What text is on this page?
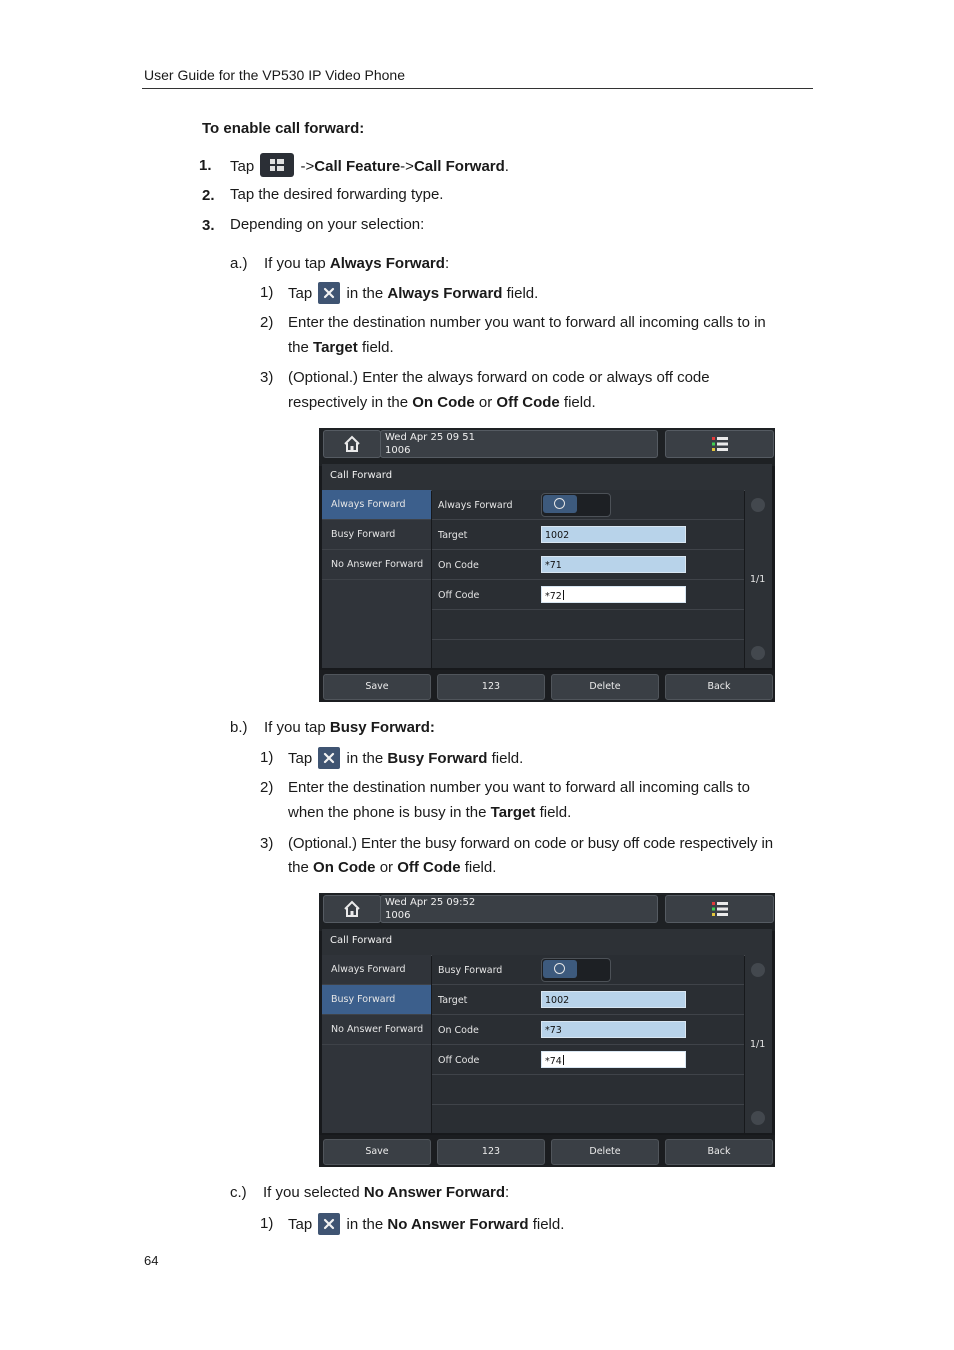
User Guide for the VP530 IP Video Phone
To enable call forward:
1. Tap	->Call Feature->Call Forward.
2. Tap the desired forwarding type.
3. Depending on your selection:
a.) If you tap Always Forward:
1) Tap in the Always Forward field.
2) Enter the destination number you want to forward all incoming calls to in
the Target field.
3) (Optional.) Enter the always forward on code or always off code
respectively in the On Code or Off Code field.
Wed Apr 25 09 51
1006
Call Forward
Always Forward
Busy Forward
No Answer Forward
Always Forward
Target	1002
On Code	*71
Off Code	*72
1/1
Save	123	Delete	Back
b.) If you tap Busy Forward:
1) Tap in the Busy Forward field.
2) Enter the destination number you want to forward all incoming calls to
when the phone is busy in the Target field.
3) (Optional.) Enter the busy forward on code or busy off code respectively in
the On Code or Off Code field.
Wed Apr 25 09:52
1006
Call Forward
Always Forward
Busy Forward
No Answer Forward
Busy Forward
Target	1002
On Code	*73
Off Code	*74
1/1
Save	123	Delete	Back
c.) If you selected No Answer Forward:
1) Tap in the No Answer Forward field.
64
